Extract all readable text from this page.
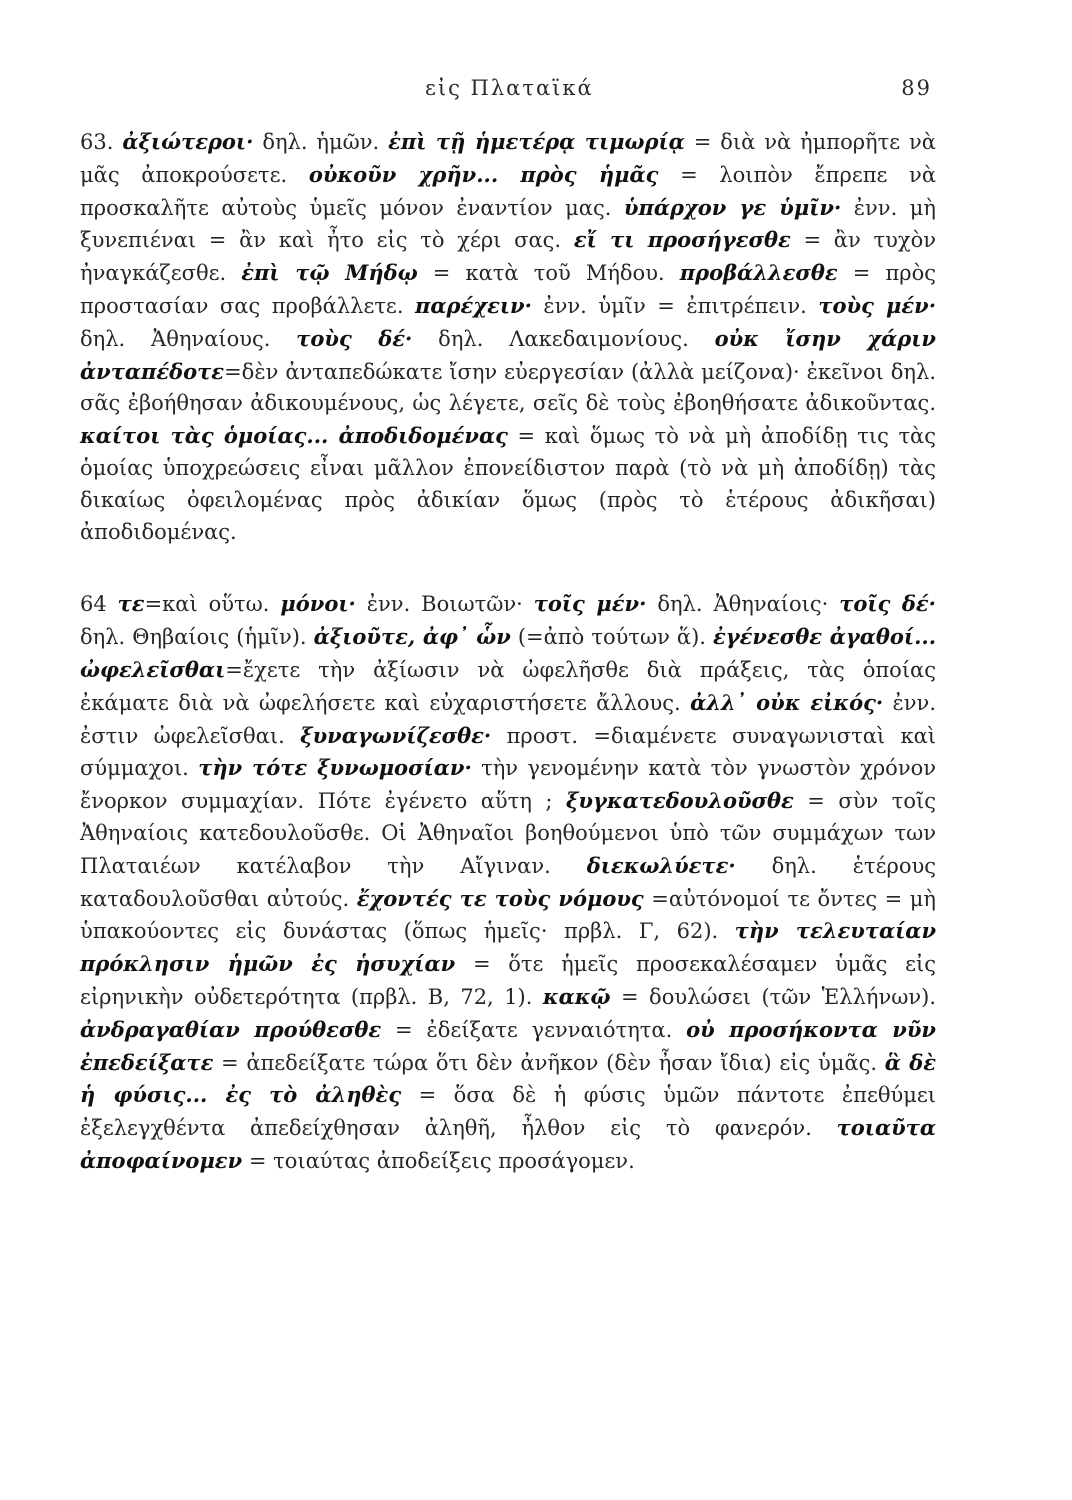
εἰς Πλαταϊκά	89

63. ἀξιώτεροι· δηλ. ἡμῶν. ἐπὶ τῇ ἡμετέρᾳ τιμωρίᾳ = διὰ νὰ ἠμπορῆτε νὰ μᾶς ἀποκρούσετε. οὐκοῦν χρῆν... πρὸς ἡμᾶς = λοιπὸν ἔπρεπε νὰ προσκαλῆτε αὐτοὺς ὑμεῖς μόνον ἐναντίον μας. ὑπάρχον γε ὑμῖν· ἐνν. μὴ ξυνεπιέναι = ἂν καὶ ἦτο εἰς τὸ χέρι σας. εἴ τι προσήγεσθε = ἂν τυχὸν ἠναγκάζεσθε. ἐπὶ τῷ Μήδῳ = κατὰ τοῦ Μήδου. προβάλλεσθε = πρὸς προστασίαν σας προβάλλετε. παρέχειν· ἐνν. ὑμῖν = ἐπιτρέπειν. τοὺς μέν· δηλ. Ἀθηναίους. τοὺς δέ· δηλ. Λακεδαιμονίους. οὐκ ἴσην χάριν ἀνταπέδοτε=δὲν ἀνταπεδώκατε ἴσην εὐεργεσίαν (ἀλλὰ μείζονα)· ἐκεῖνοι δηλ. σᾶς ἐβοήθησαν ἀδικουμένους, ὡς λέγετε, σεῖς δὲ τοὺς ἐβοηθήσατε ἀδικοῦντας. καίτοι τὰς ὁμοίας... ἀποδιδομένας = καὶ ὅμως τὸ νὰ μὴ ἀποδίδῃ τις τὰς ὁμοίας ὑποχρεώσεις εἶναι μᾶλλον ἐπονείδιστον παρὰ (τὸ νὰ μὴ ἀποδίδῃ) τὰς δικαίως ὀφειλομένας πρὸς ἀδικίαν ὅμως (πρὸς τὸ ἑτέρους ἀδικῆσαι) ἀποδιδομένας.

64 τε=καὶ οὕτω. μόνοι· ἐνν. Βοιωτῶν· τοῖς μέν· δηλ. Ἀθηναίοις· τοῖς δέ· δηλ. Θηβαίοις (ἡμῖν). ἀξιοῦτε, ἀφ᾽ ὧν (=ἀπὸ τούτων ἅ). ἐγένεσθε ἀγαθοί... ὠφελεῖσθαι=ἔχετε τὴν ἀξίωσιν νὰ ὠφελῆσθε διὰ πράξεις, τὰς ὁποίας ἐκάματε διὰ νὰ ὠφελήσετε καὶ εὐχαριστήσετε ἄλλους. ἀλλ᾽ οὐκ εἰκός· ἐνν. ἐστιν ὠφελεῖσθαι. ξυναγωνίζεσθε· προστ. =διαμένετε συναγωνισταὶ καὶ σύμμαχοι. τὴν τότε ξυνωμοσίαν· τὴν γενομένην κατὰ τὸν γνωστὸν χρόνον ἔνορκον συμμαχίαν. Πότε ἐγένετο αὕτη ; ξυγκατεδουλοῦσθε = σὺν τοῖς Ἀθηναίοις κατεδουλοῦσθε. Οἱ Ἀθηναῖοι βοηθούμενοι ὑπὸ τῶν συμμάχων των Πλαταιέων κατέλαβον τὴν Αἴγιναν. διεκωλύετε· δηλ. ἑτέρους καταδουλοῦσθαι αὐτούς. ἔχοντές τε τοὺς νόμους =αὐτόνομοί τε ὄντες = μὴ ὑπακούοντες εἰς δυνάστας (ὅπως ἡμεῖς· πρβλ. Γ, 62). τὴν τελευταίαν πρόκλησιν ἡμῶν ἐς ἡσυχίαν = ὅτε ἡμεῖς προσεκαλέσαμεν ὑμᾶς εἰς εἰρηνικὴν οὐδετερότητα (πρβλ. Β, 72, 1). κακῷ = δουλώσει (τῶν Ἑλλήνων). ἀνδραγαθίαν προύθεσθε = ἐδείξατε γενναιότητα. οὐ προσήκοντα νῦν ἐπεδείξατε = ἀπεδείξατε τώρα ὅτι δὲν ἀνῆκον (δὲν ἦσαν ἴδια) εἰς ὑμᾶς. ἃ δὲ ἡ φύσις... ἐς τὸ ἀληθὲς = ὅσα δὲ ἡ φύσις ὑμῶν πάντοτε ἐπεθύμει ἐξελεγχθέντα ἀπεδείχθησαν ἀληθῆ, ἦλθον εἰς τὸ φανερόν. τοιαῦτα ἀποφαίνομεν = τοιαύτας ἀποδείξεις προσάγομεν.
